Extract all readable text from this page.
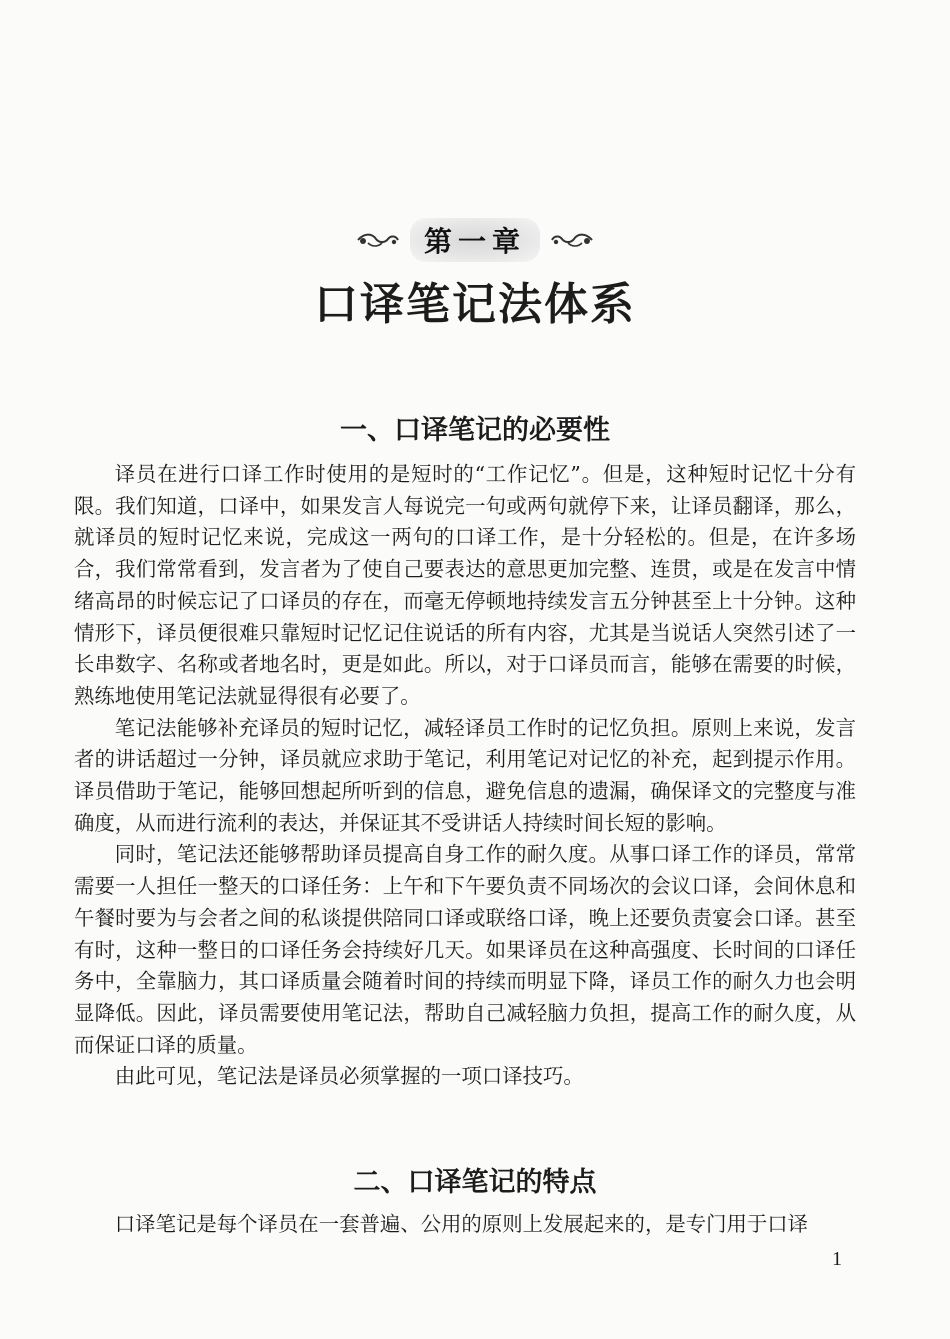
第一章
口译笔记法体系
一、口译笔记的必要性

译员在进行口译工作时使用的是短时的“工作记忆”。但是，这种短时记忆十分有限。我们知道，口译中，如果发言人每说完一句或两句就停下来，让译员翻译，那么，就译员的短时记忆来说，完成这一两句的口译工作，是十分轻松的。但是，在许多场合，我们常常看到，发言者为了使自己要表达的意思更加完整、连贯，或是在发言中情绪高昂的时候忘记了口译员的存在，而毫无停顿地持续发言五分钟甚至上十分钟。这种情形下，译员便很难只靠短时记忆记住说话的所有内容，尤其是当说话人突然引述了一长串数字、名称或者地名时，更是如此。所以，对于口译员而言，能够在需要的时候，熟练地使用笔记法就显得很有必要了。

笔记法能够补充译员的短时记忆，减轻译员工作时的记忆负担。原则上来说，发言者的讲话超过一分钟，译员就应求助于笔记，利用笔记对记忆的补充，起到提示作用。译员借助于笔记，能够回想起所听到的信息，避免信息的遗漏，确保译文的完整度与准确度，从而进行流利的表达，并保证其不受讲话人持续时间长短的影响。

同时，笔记法还能够帮助译员提高自身工作的耐久度。从事口译工作的译员，常常需要一人担任一整天的口译任务：上午和下午要负责不同场次的会议口译，会间休息和午餐时要为与会者之间的私谈提供陪同口译或联络口译，晚上还要负责宴会口译。甚至有时，这种一整日的口译任务会持续好几天。如果译员在这种高强度、长时间的口译任务中，全靠脑力，其口译质量会随着时间的持续而明显下降，译员工作的耐久力也会明显降低。因此，译员需要使用笔记法，帮助自己减轻脑力负担，提高工作的耐久度，从而保证口译的质量。

由此可见，笔记法是译员必须掌握的一项口译技巧。

二、口译笔记的特点

口译笔记是每个译员在一套普遍、公用的原则上发展起来的，是专门用于口译

1
